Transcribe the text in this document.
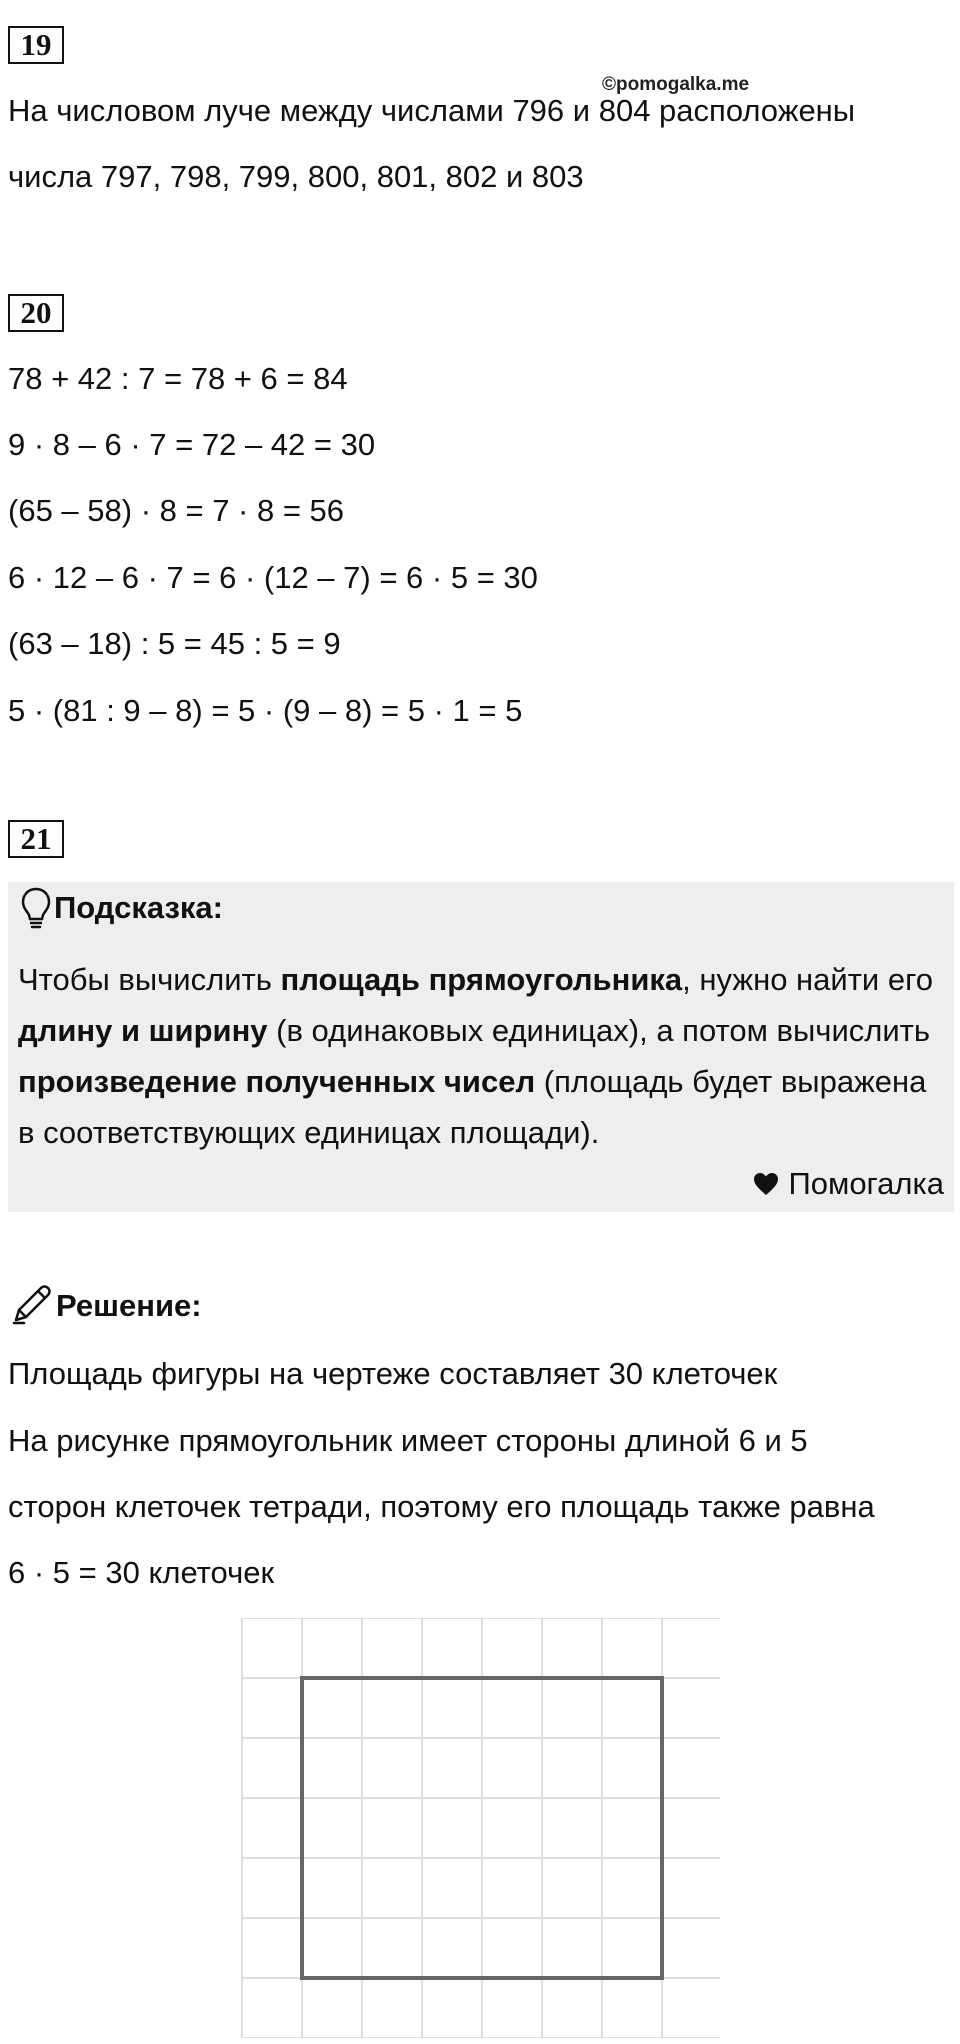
©pomogalka.me
19
На числовом луче между числами 796 и 804 расположены
числа 797, 798, 799, 800, 801, 802 и 803
20
78 + 42 : 7 = 78 + 6 = 84
9 · 8 – 6 · 7 = 72 – 42 = 30
(65 – 58) · 8 = 7 · 8 = 56
6 · 12 – 6 · 7 = 6 · (12 – 7) = 6 · 5 = 30
(63 – 18) : 5 = 45 : 5 = 9
5 · (81 : 9 – 8) = 5 · (9 – 8) = 5 · 1 = 5
21
Подсказка:
Чтобы вычислить площадь прямоугольника, нужно найти его длину и ширину (в одинаковых единицах), а потом вычислить произведение полученных чисел (площадь будет выражена в соответствующих единицах площади).
Помогалка
Решение:
Площадь фигуры на чертеже составляет 30 клеточек
На рисунке прямоугольник имеет стороны длиной 6 и 5
сторон клеточек тетради, поэтому его площадь также равна
6 · 5 = 30 клеточек
